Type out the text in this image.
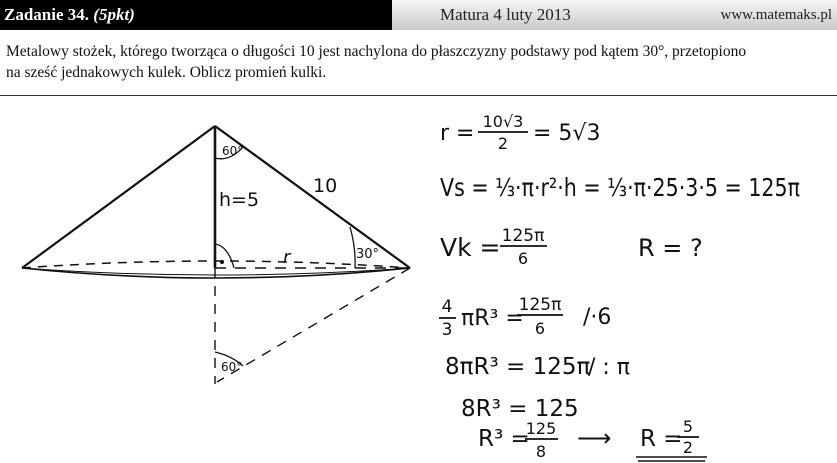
Zadanie 34. (5pkt)	Matura 4 luty 2013	www.matemaks.pl
Metalowy stożek, którego tworząca o długości 10 jest nachylona do płaszczyzny podstawy pod kątem 30°, przetopiono
na sześć jednakowych kulek. Oblicz promień kulki.
60°
h=5
10
30°
r
60°
r = 10√3
2 = 5√3
Vs = ⅓·π·r²·h = ⅓·π·25·3·5 = 125π
Vk = 125π
6	R = ?
4
3 πR³ =
125π
6 /·6
8πR³ = 125π
/ : π
8R³ = 125
R³ =
125
8 ⟶ R = 5
2
